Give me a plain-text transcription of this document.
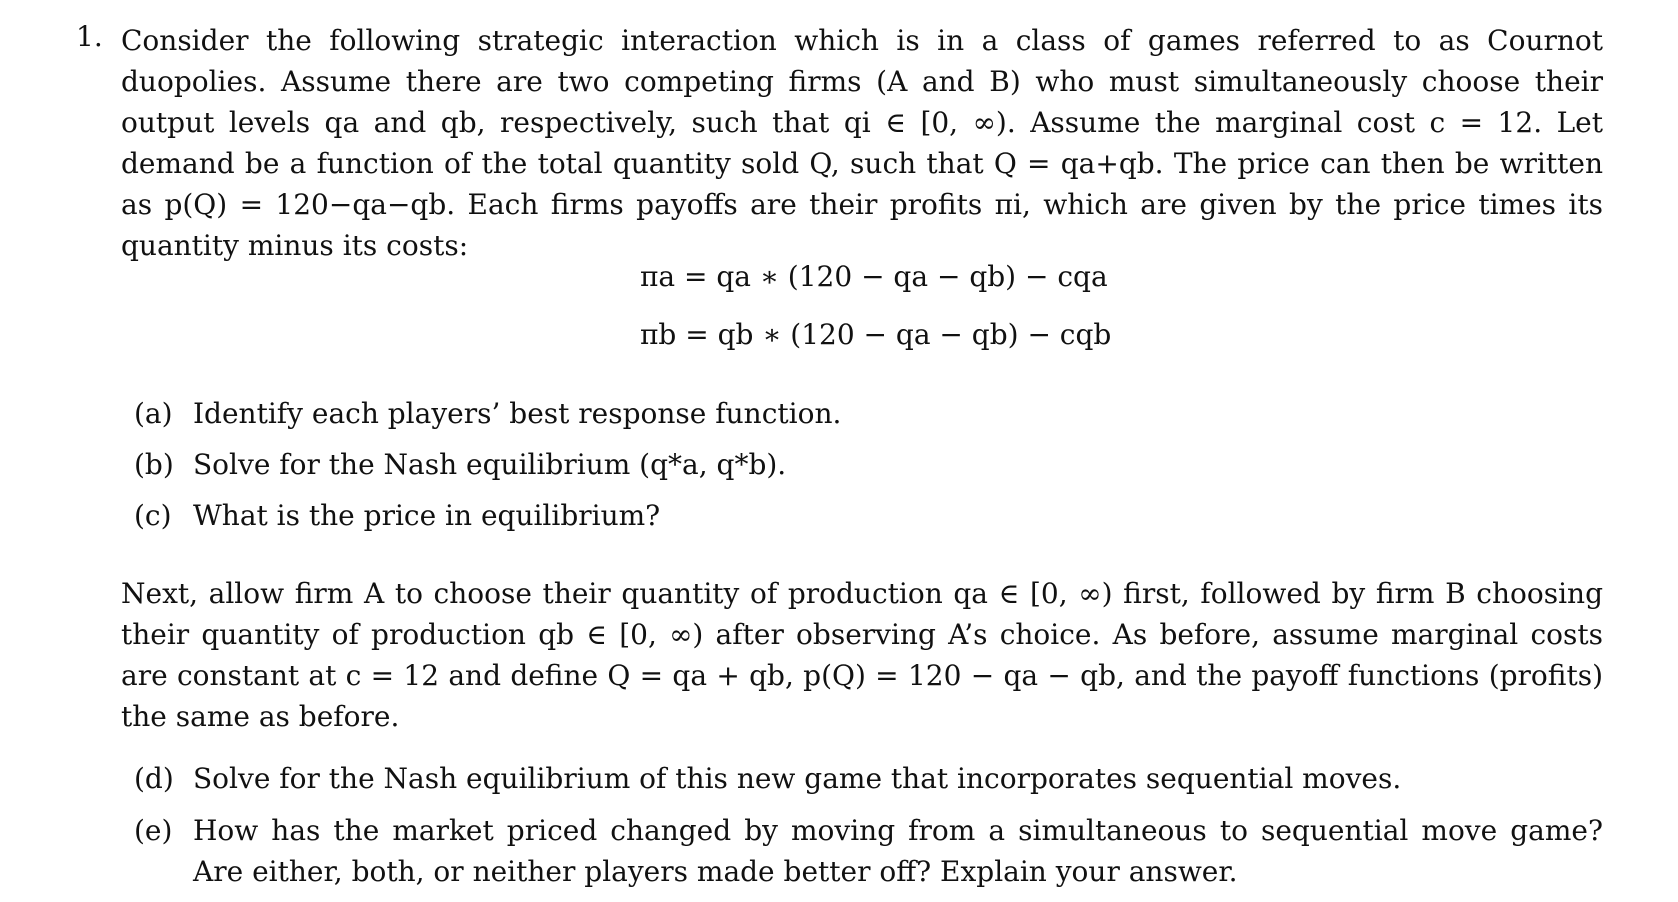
1. Consider the following strategic interaction which is in a class of games referred to as Cournot duopolies. Assume there are two competing firms (A and B) who must simultaneously choose their output levels qa and qb, respectively, such that qi ∈ [0, ∞). Assume the marginal cost c = 12. Let demand be a function of the total quantity sold Q, such that Q = qa+qb. The price can then be written as p(Q) = 120−qa−qb. Each firms payoffs are their profits πi, which are given by the price times its quantity minus its costs:
πa = qa ∗ (120 − qa − qb) − cqa
πb = qb ∗ (120 − qa − qb) − cqb
(a) Identify each players’ best response function.
(b) Solve for the Nash equilibrium (q*a, q*b).
(c) What is the price in equilibrium?
Next, allow firm A to choose their quantity of production qa ∈ [0, ∞) first, followed by firm B choosing their quantity of production qb ∈ [0, ∞) after observing A’s choice. As before, assume marginal costs are constant at c = 12 and define Q = qa + qb, p(Q) = 120 − qa − qb, and the payoff functions (profits) the same as before.
(d) Solve for the Nash equilibrium of this new game that incorporates sequential moves.
(e) How has the market priced changed by moving from a simultaneous to sequential move game? Are either, both, or neither players made better off? Explain your answer.
